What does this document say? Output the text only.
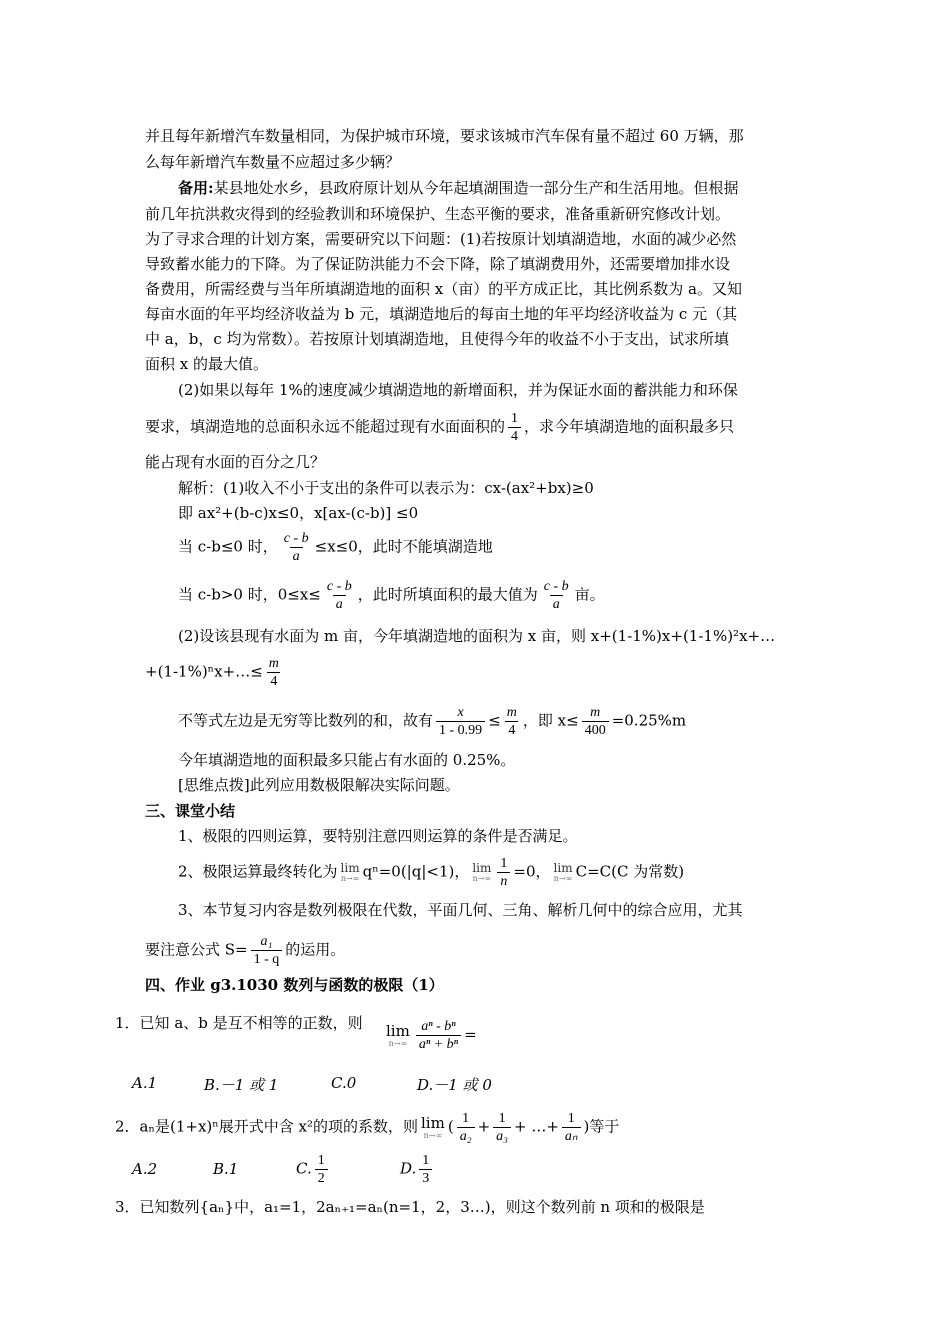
并且每年新增汽车数量相同，为保护城市环境，要求该城市汽车保有量不超过 60 万辆，那
么每年新增汽车数量不应超过多少辆？
备用:某县地处水乡，县政府原计划从今年起填湖围造一部分生产和生活用地。但根据
前几年抗洪救灾得到的经验教训和环境保护、生态平衡的要求，准备重新研究修改计划。
为了寻求合理的计划方案，需要研究以下问题：(1)若按原计划填湖造地，水面的减少必然
导致蓄水能力的下降。为了保证防洪能力不会下降，除了填湖费用外，还需要增加排水设
备费用，所需经费与当年所填湖造地的面积 x（亩）的平方成正比，其比例系数为 a。又知
每亩水面的年平均经济收益为 b 元，填湖造地后的每亩土地的年平均经济收益为 c 元（其
中 a，b，c 均为常数）。若按原计划填湖造地，且使得今年的收益不小于支出，试求所填
面积 x 的最大值。
(2)如果以每年 1%的速度减少填湖造地的新增面积，并为保证水面的蓄洪能力和环保
要求，填湖造地的总面积永远不能超过现有水面面积的 $\frac{1}{4}$ ，求今年填湖造地的面积最多只
能占现有水面的百分之几？
解析：(1)收入不小于支出的条件可以表示为：cx-(ax²+bx)≥0
即 ax²+(b-c)x≤0，x[ax-(c-b)] ≤0
当 c-b≤0 时， $\frac{c - b}{a} \le x\le 0$，此时不能填湖造地
当 c-b>0 时，$0\le x\le \frac{c - b}{a}$ ，此时所填面积的最大值为 $\frac{c - b}{a}$ 亩。
(2)设该县现有水面为 m 亩，今年填湖造地的面积为 x 亩，则 x+(1-1%)x+(1-1%)²x+…
+(1-1%)ⁿx+…≤ $\frac{m}{4}$
不等式左边是无穷等比数列的和，故有 $\frac{x}{1 - 0.99} \le \frac{m}{4}$ ，即 $x\le \frac{m}{400} =0.25\%m$
今年填湖造地的面积最多只能占有水面的 0.25%。
[思维点拨]此列应用数极限解决实际问题。
三、课堂小结
1、极限的四则运算，要特别注意四则运算的条件是否满足。
2、极限运算最终转化为 lim
n→∞ qⁿ=0(|q|<1)， lim
$n\to\infty \frac{1}{n} =0$， lim
n→∞ C=C(C 为常数)
3、本节复习内容是数列极限在代数，平面几何、三角、解析几何中的综合应用，尤其
要注意公式 $S= \frac{\text{a₁}}{1 - q}$ 的运用。
四、作业 g3.1030 数列与函数的极限（1）
1．已知 a、b 是互不相等的正数，则 lim
$n\to\infty \frac{\text{aⁿ - bⁿ}}{\text{aⁿ + bⁿ}}$ =
A.1	B.－1 或 1	C.0	D.－1 或 0
2．aₙ是(1+x)ⁿ展开式中含 x²的项的系数，则 lim
n→∞ ( $\frac{1}{\text{a₂}} + \frac{1}{\text{a₃}}$ + …+ $\frac{1}{\text{aₙ}}$ )等于
A.2	B.1	C. $\frac{1}{2}$	D. $\frac{1}{3}$
3．已知数列{aₙ}中，a₁=1，2aₙ₊₁=aₙ(n=1，2，3…)，则这个数列前 n 项和的极限是
